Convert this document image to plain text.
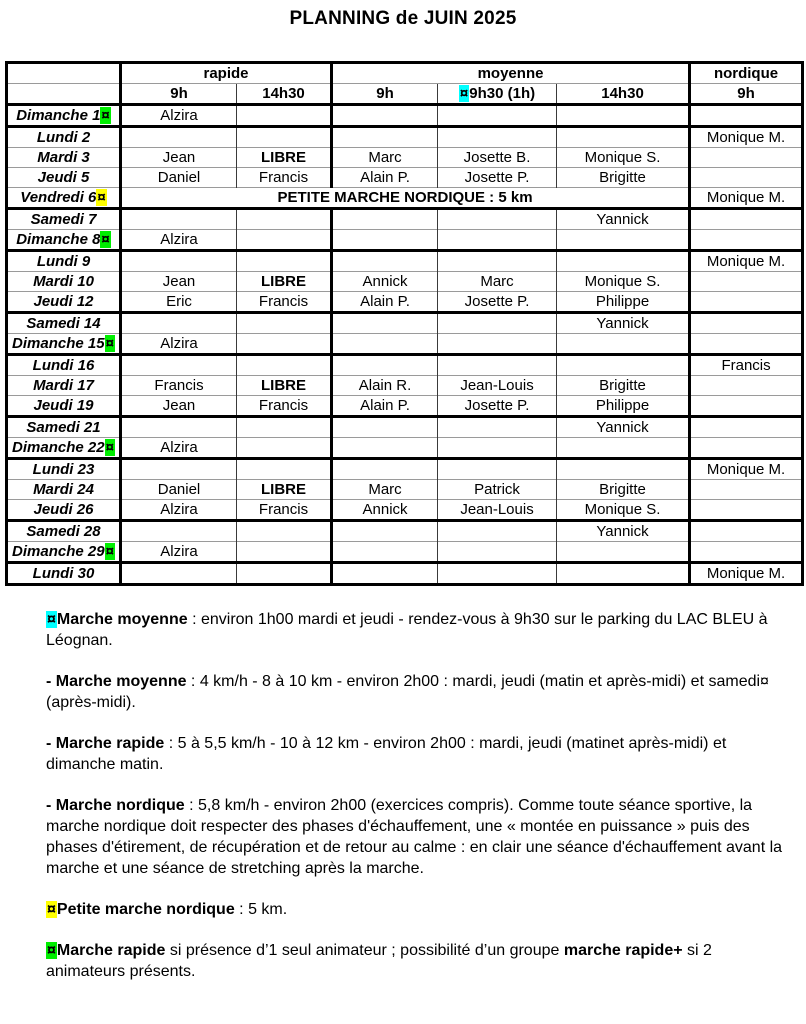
PLANNING de JUIN 2025
	rapide		moyenne			nordique
	9h	14h30	9h	¤9h30 (1h)	14h30	9h
Dimanche 1¤	Alzira					
Lundi 2						Monique M.
Mardi 3	Jean	LIBRE	Marc	Josette B.	Monique S.	
Jeudi 5	Daniel	Francis	Alain P.	Josette P.	Brigitte	
Vendredi 6¤	PETITE MARCHE NORDIQUE : 5 km					Monique M.
Samedi 7					Yannick	
Dimanche 8¤	Alzira					
Lundi 9						Monique M.
Mardi 10	Jean	LIBRE	Annick	Marc	Monique S.	
Jeudi 12	Eric	Francis	Alain P.	Josette P.	Philippe	
Samedi 14					Yannick	
Dimanche 15¤	Alzira					
Lundi 16						Francis
Mardi 17	Francis	LIBRE	Alain R.	Jean-Louis	Brigitte	
Jeudi 19	Jean	Francis	Alain P.	Josette P.	Philippe	
Samedi 21					Yannick	
Dimanche 22¤	Alzira					
Lundi 23						Monique M.
Mardi 24	Daniel	LIBRE	Marc	Patrick	Brigitte	
Jeudi 26	Alzira	Francis	Annick	Jean-Louis	Monique S.	
Samedi 28					Yannick	
Dimanche 29¤	Alzira					
Lundi 30						Monique M.

¤Marche moyenne : environ 1h00 mardi et jeudi - rendez-vous à 9h30 sur le parking du LAC BLEU à Léognan.

- Marche moyenne : 4 km/h - 8 à 10 km - environ 2h00 : mardi, jeudi (matin et après-midi) et samedi¤ (après-midi).

- Marche rapide : 5 à 5,5 km/h - 10 à 12 km - environ 2h00 : mardi, jeudi (matinet après-midi) et dimanche matin.

- Marche nordique : 5,8 km/h - environ 2h00 (exercices compris). Comme toute séance sportive, la marche nordique doit respecter des phases d'échauffement, une « montée en puissance » puis des phases d'étirement, de récupération et de retour au calme : en clair une séance d'échauffement avant la marche et une séance de stretching après la marche.

¤Petite marche nordique : 5 km.

¤Marche rapide si présence d’1 seul animateur ; possibilité d’un groupe marche rapide+ si 2 animateurs présents.
